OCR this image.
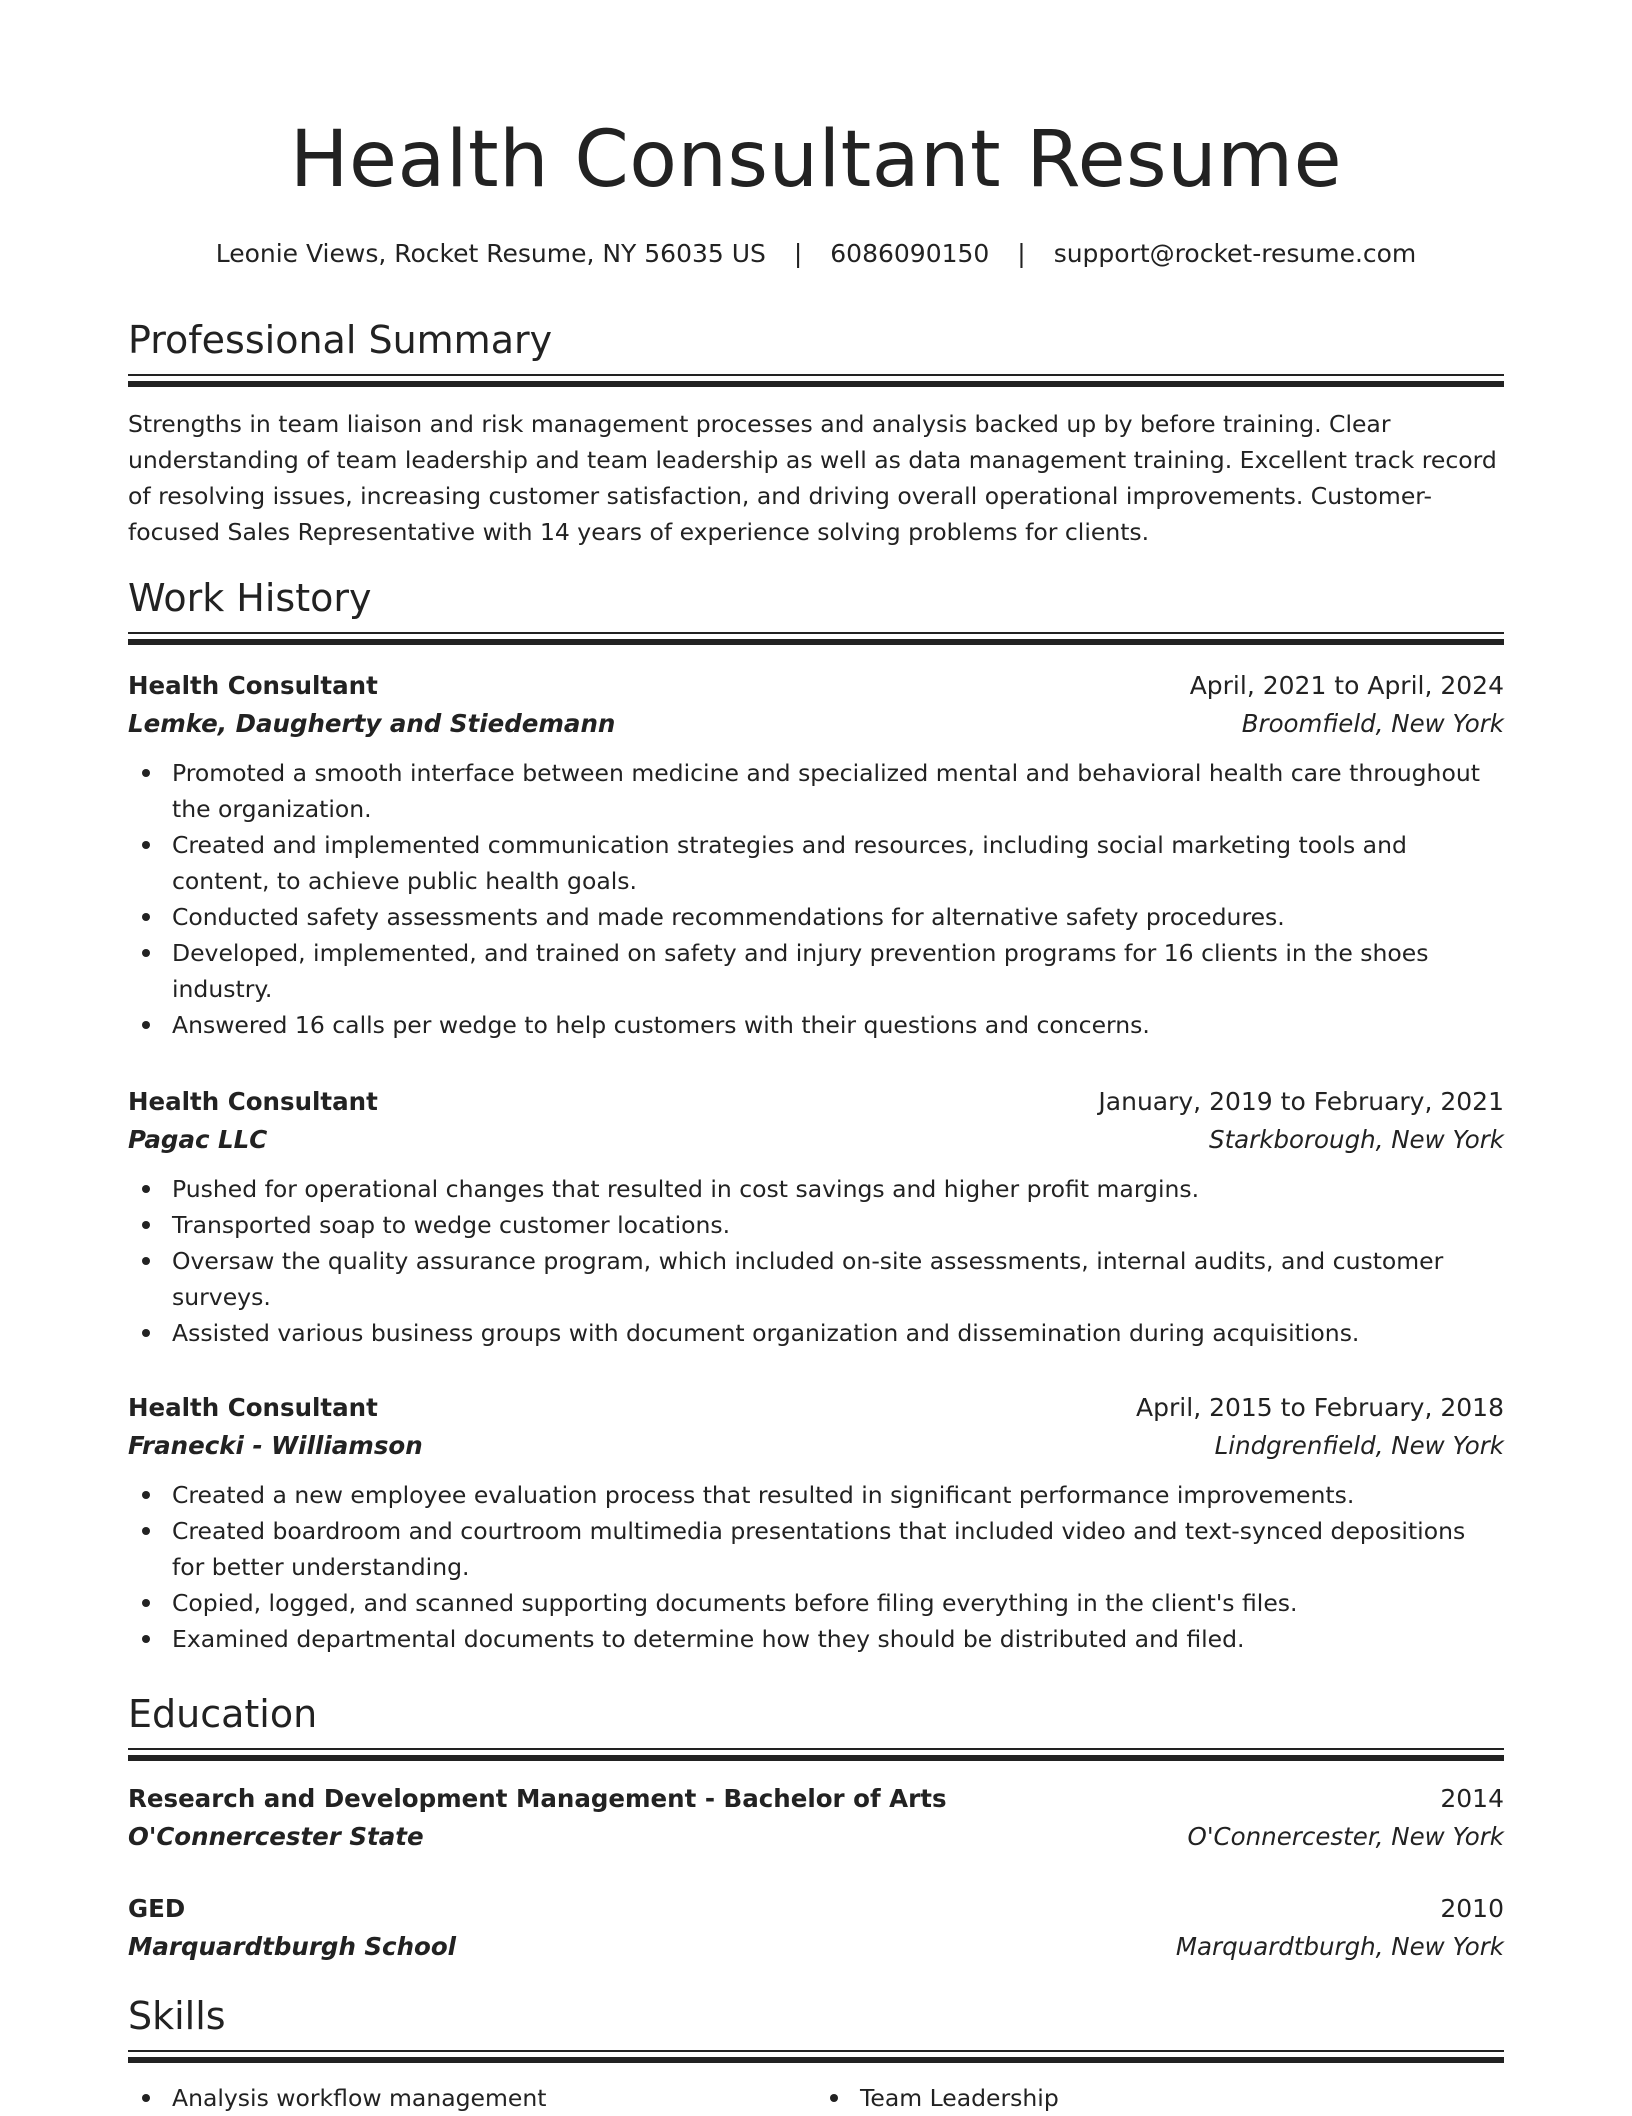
Health Consultant Resume
Leonie Views, Rocket Resume, NY 56035 US | 6086090150 | support@rocket-resume.com
Professional Summary

Strengths in team liaison and risk management processes and analysis backed up by before training. Clear understanding of team leadership and team leadership as well as data management training. Excellent track record of resolving issues, increasing customer satisfaction, and driving overall operational improvements. Customer-focused Sales Representative with 14 years of experience solving problems for clients.

Work History
Health Consultant	April, 2021 to April, 2024
Lemke, Daugherty and Stiedemann	Broomfield, New York
Promoted a smooth interface between medicine and specialized mental and behavioral health care throughout the organization.
Created and implemented communication strategies and resources, including social marketing tools and content, to achieve public health goals.
Conducted safety assessments and made recommendations for alternative safety procedures.
Developed, implemented, and trained on safety and injury prevention programs for 16 clients in the shoes industry.
Answered 16 calls per wedge to help customers with their questions and concerns.
Health Consultant	January, 2019 to February, 2021
Pagac LLC	Starkborough, New York
Pushed for operational changes that resulted in cost savings and higher profit margins.
Transported soap to wedge customer locations.
Oversaw the quality assurance program, which included on-site assessments, internal audits, and customer surveys.
Assisted various business groups with document organization and dissemination during acquisitions.
Health Consultant	April, 2015 to February, 2018
Franecki - Williamson	Lindgrenfield, New York
Created a new employee evaluation process that resulted in significant performance improvements.
Created boardroom and courtroom multimedia presentations that included video and text-synced depositions for better understanding.
Copied, logged, and scanned supporting documents before filing everything in the client's files.
Examined departmental documents to determine how they should be distributed and filed.
Education
Research and Development Management - Bachelor of Arts	2014
O'Connercester State	O'Connercester, New York
GED	2010
Marquardtburgh School	Marquardtburgh, New York
Skills
Analysis workflow management	Team Leadership
